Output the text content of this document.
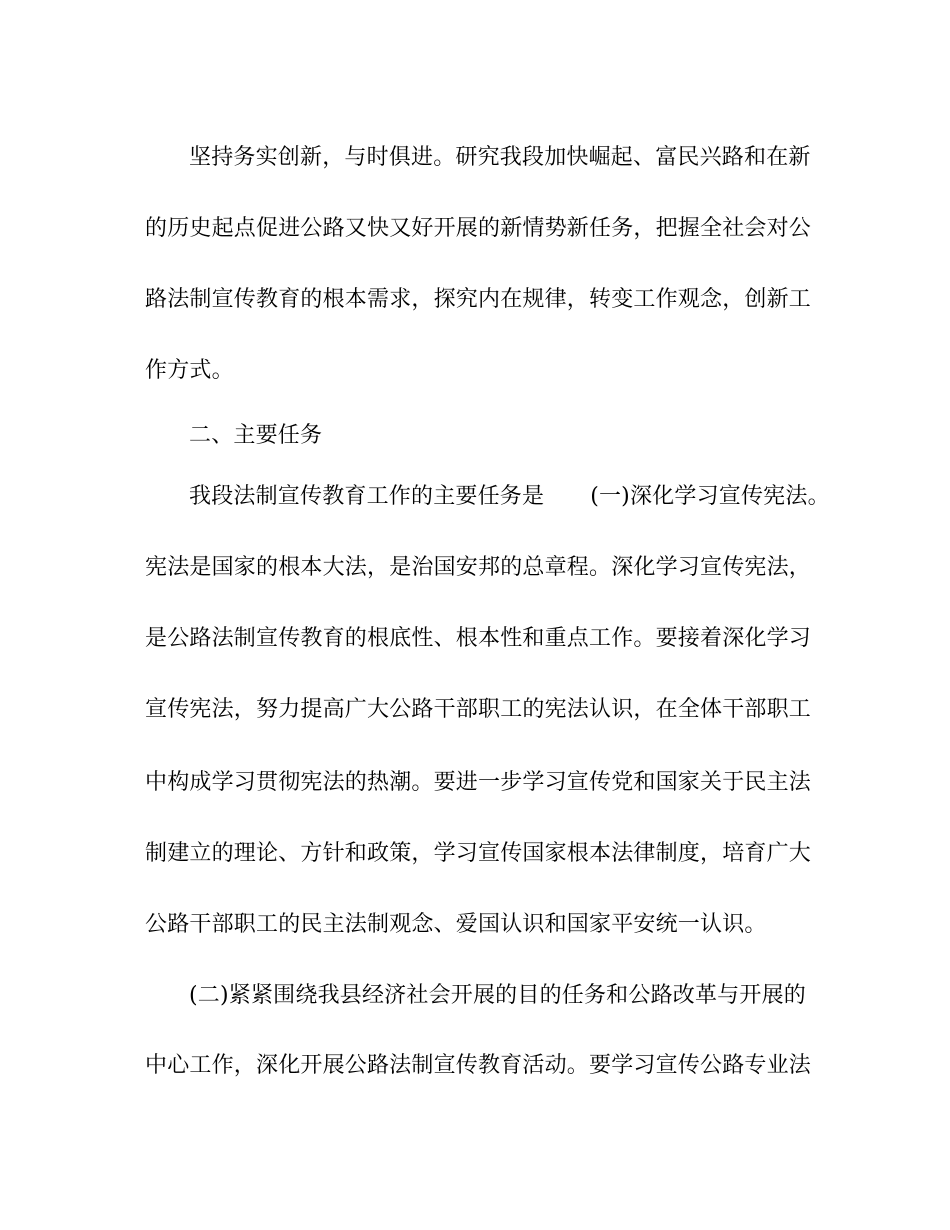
坚持务实创新，与时俱进。研究我段加快崛起、富民兴路和在新

的历史起点促进公路又快又好开展的新情势新任务，把握全社会对公

路法制宣传教育的根本需求，探究内在规律，转变工作观念，创新工

作方式。

二、主要任务

我段法制宣传教育工作的主要任务是 (一)深化学习宣传宪法。

宪法是国家的根本大法，是治国安邦的总章程。深化学习宣传宪法，

是公路法制宣传教育的根底性、根本性和重点工作。要接着深化学习

宣传宪法，努力提高广大公路干部职工的宪法认识，在全体干部职工

中构成学习贯彻宪法的热潮。要进一步学习宣传党和国家关于民主法

制建立的理论、方针和政策，学习宣传国家根本法律制度，培育广大

公路干部职工的民主法制观念、爱国认识和国家平安统一认识。

(二)紧紧围绕我县经济社会开展的目的任务和公路改革与开展的

中心工作，深化开展公路法制宣传教育活动。要学习宣传公路专业法
